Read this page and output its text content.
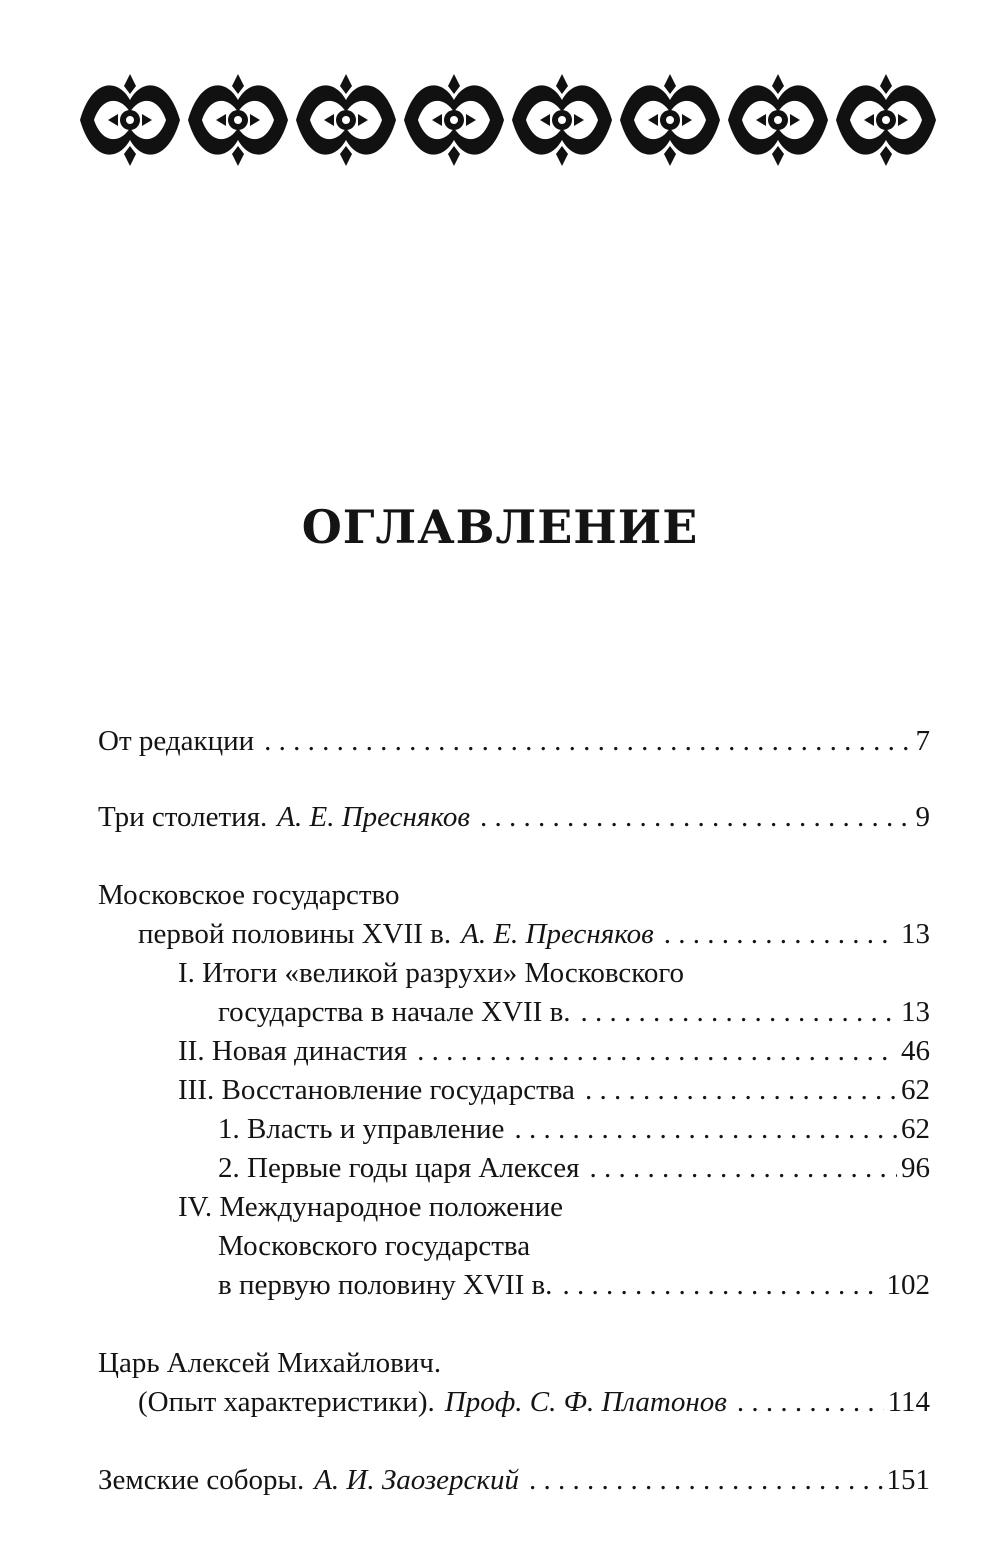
ОГЛАВЛЕНИЕ
От редакции . . .	7
Три столетия. А. Е. Пресняков . . .	9
Московское государство
первой половины XVII в. А. Е. Пресняков . . .	13
I. Итоги «великой разрухи» Московского
государства в начале XVII в. . . .	13
II. Новая династия . . .	46
III. Восстановление государства . . .	62
1. Власть и управление . . .	62
2. Первые годы царя Алексея . . .	96
IV. Международное положение
Московского государства
в первую половину XVII в. . . .	102
Царь Алексей Михайлович.
(Опыт характеристики). Проф. С. Ф. Платонов . . .	114
Земские соборы. А. И. Заозерский . . .	151
